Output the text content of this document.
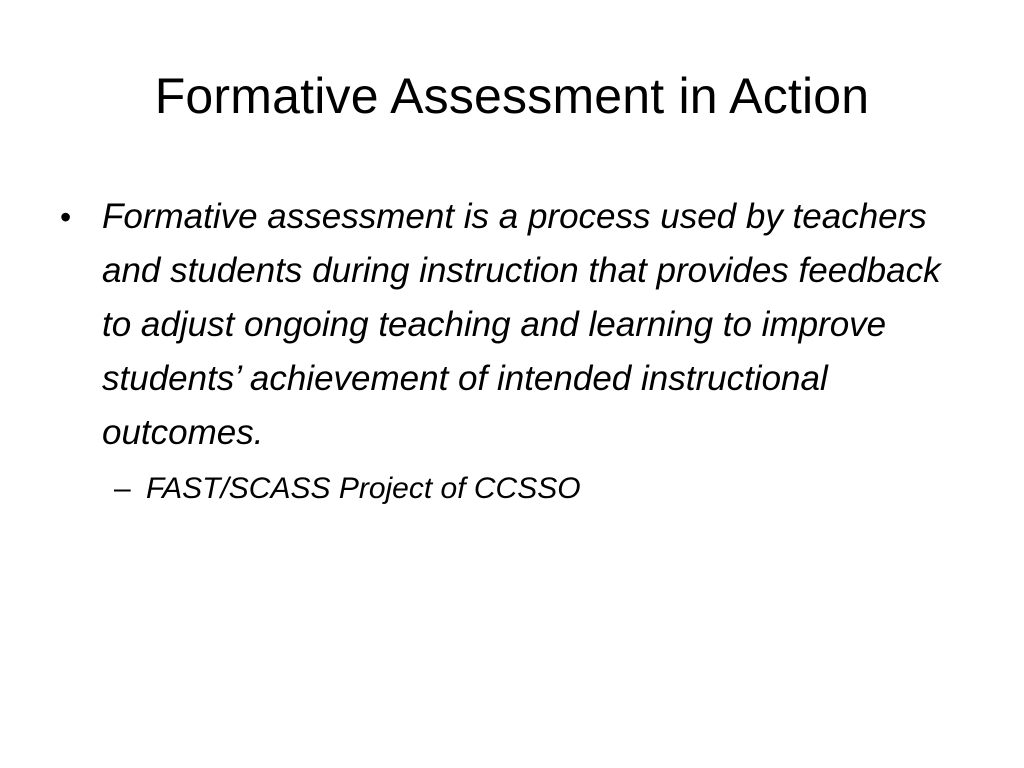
Formative Assessment in Action
• Formative assessment is a process used by teachers and students during instruction that provides feedback to adjust ongoing teaching and learning to improve students’ achievement of intended instructional outcomes.

– FAST/SCASS Project of CCSSO
